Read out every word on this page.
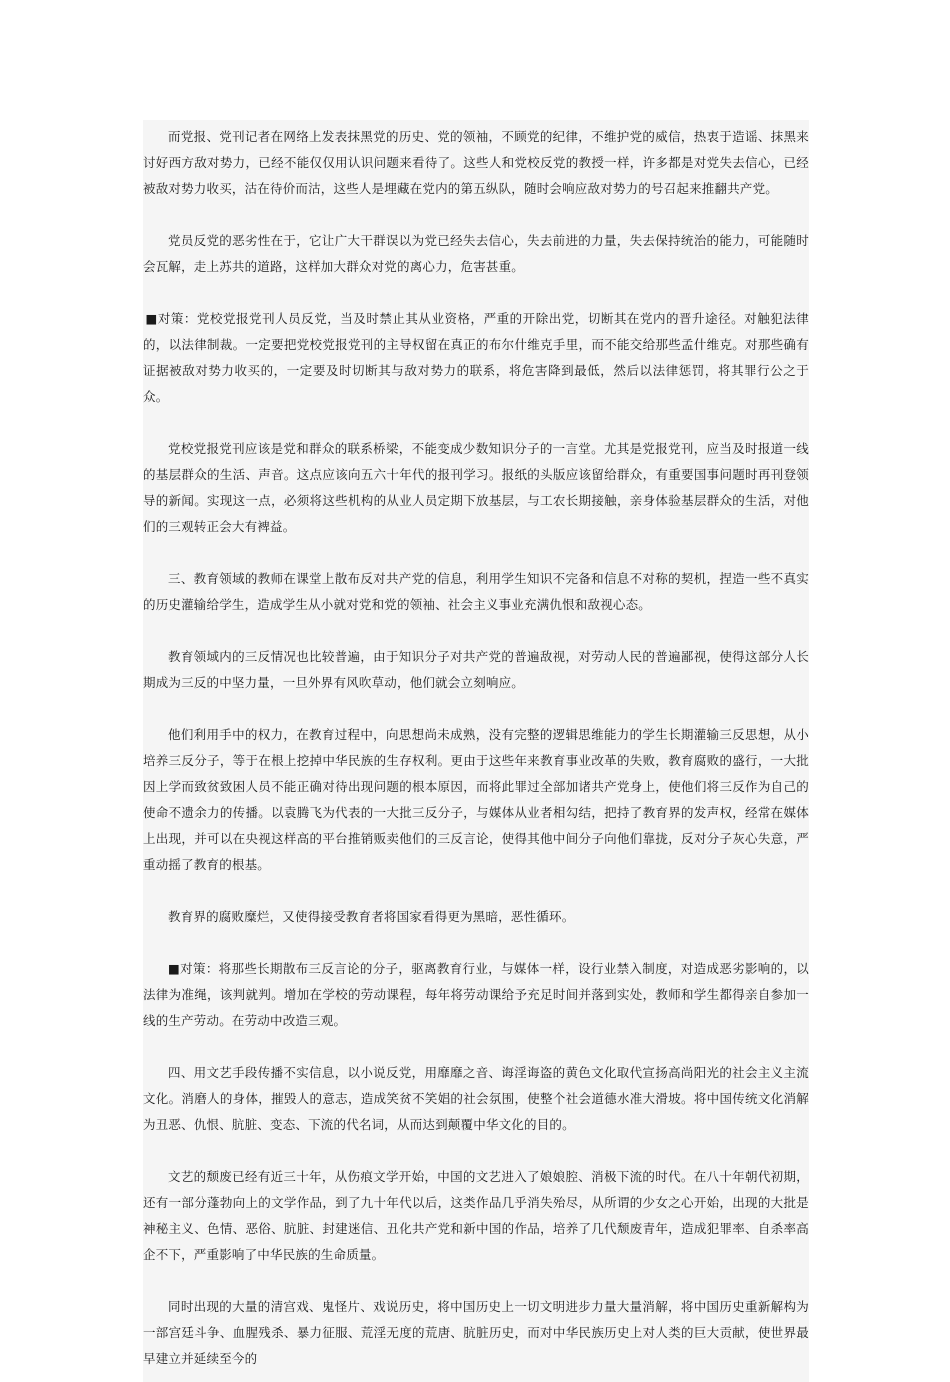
而党报、党刊记者在网络上发表抹黑党的历史、党的领袖，不顾党的纪律，不维护党的威信，热衷于造谣、抹黑来讨好西方敌对势力，已经不能仅仅用认识问题来看待了。这些人和党校反党的教授一样，许多都是对党失去信心，已经被敌对势力收买，沽在待价而沽，这些人是埋藏在党内的第五纵队，随时会响应敌对势力的号召起来推翻共产党。

党员反党的恶劣性在于，它让广大干群误以为党已经失去信心，失去前进的力量，失去保持统治的能力，可能随时会瓦解，走上苏共的道路，这样加大群众对党的离心力，危害甚重。

■对策：党校党报党刊人员反党，当及时禁止其从业资格，严重的开除出党，切断其在党内的晋升途径。对触犯法律的，以法律制裁。一定要把党校党报党刊的主导权留在真正的布尔什维克手里，而不能交给那些孟什维克。对那些确有证据被敌对势力收买的，一定要及时切断其与敌对势力的联系，将危害降到最低，然后以法律惩罚，将其罪行公之于众。

党校党报党刊应该是党和群众的联系桥梁，不能变成少数知识分子的一言堂。尤其是党报党刊，应当及时报道一线的基层群众的生活、声音。这点应该向五六十年代的报刊学习。报纸的头版应该留给群众，有重要国事问题时再刊登领导的新闻。实现这一点，必须将这些机构的从业人员定期下放基层，与工农长期接触，亲身体验基层群众的生活，对他们的三观转正会大有裨益。

三、教育领域的教师在课堂上散布反对共产党的信息，利用学生知识不完备和信息不对称的契机，捏造一些不真实的历史灌输给学生，造成学生从小就对党和党的领袖、社会主义事业充满仇恨和敌视心态。

教育领域内的三反情况也比较普遍，由于知识分子对共产党的普遍敌视，对劳动人民的普遍鄙视，使得这部分人长期成为三反的中坚力量，一旦外界有风吹草动，他们就会立刻响应。

他们利用手中的权力，在教育过程中，向思想尚未成熟，没有完整的逻辑思维能力的学生长期灌输三反思想，从小培养三反分子，等于在根上挖掉中华民族的生存权利。更由于这些年来教育事业改革的失败，教育腐败的盛行，一大批因上学而致贫致困人员不能正确对待出现问题的根本原因，而将此罪过全部加诸共产党身上，使他们将三反作为自己的使命不遗余力的传播。以袁腾飞为代表的一大批三反分子，与媒体从业者相勾结，把持了教育界的发声权，经常在媒体上出现，并可以在央视这样高的平台推销贩卖他们的三反言论，使得其他中间分子向他们靠拢，反对分子灰心失意，严重动摇了教育的根基。

教育界的腐败糜烂，又使得接受教育者将国家看得更为黑暗，恶性循环。

■对策：将那些长期散布三反言论的分子，驱离教育行业，与媒体一样，设行业禁入制度，对造成恶劣影响的，以法律为准绳，该判就判。增加在学校的劳动课程，每年将劳动课给予充足时间并落到实处，教师和学生都得亲自参加一线的生产劳动。在劳动中改造三观。

四、用文艺手段传播不实信息，以小说反党，用靡靡之音、诲淫诲盗的黄色文化取代宣扬高尚阳光的社会主义主流文化。消磨人的身体，摧毁人的意志，造成笑贫不笑娼的社会氛围，使整个社会道德水准大滑坡。将中国传统文化消解为丑恶、仇恨、肮脏、变态、下流的代名词，从而达到颠覆中华文化的目的。

文艺的颓废已经有近三十年，从伤痕文学开始，中国的文艺进入了娘娘腔、消极下流的时代。在八十年朝代初期，还有一部分蓬勃向上的文学作品，到了九十年代以后，这类作品几乎消失殆尽，从所谓的少女之心开始，出现的大批是神秘主义、色情、恶俗、肮脏、封建迷信、丑化共产党和新中国的作品，培养了几代颓废青年，造成犯罪率、自杀率高企不下，严重影响了中华民族的生命质量。

同时出现的大量的清宫戏、鬼怪片、戏说历史，将中国历史上一切文明进步力量大量消解，将中国历史重新解构为一部宫廷斗争、血腥残杀、暴力征服、荒淫无度的荒唐、肮脏历史，而对中华民族历史上对人类的巨大贡献，使世界最早建立并延续至今的
